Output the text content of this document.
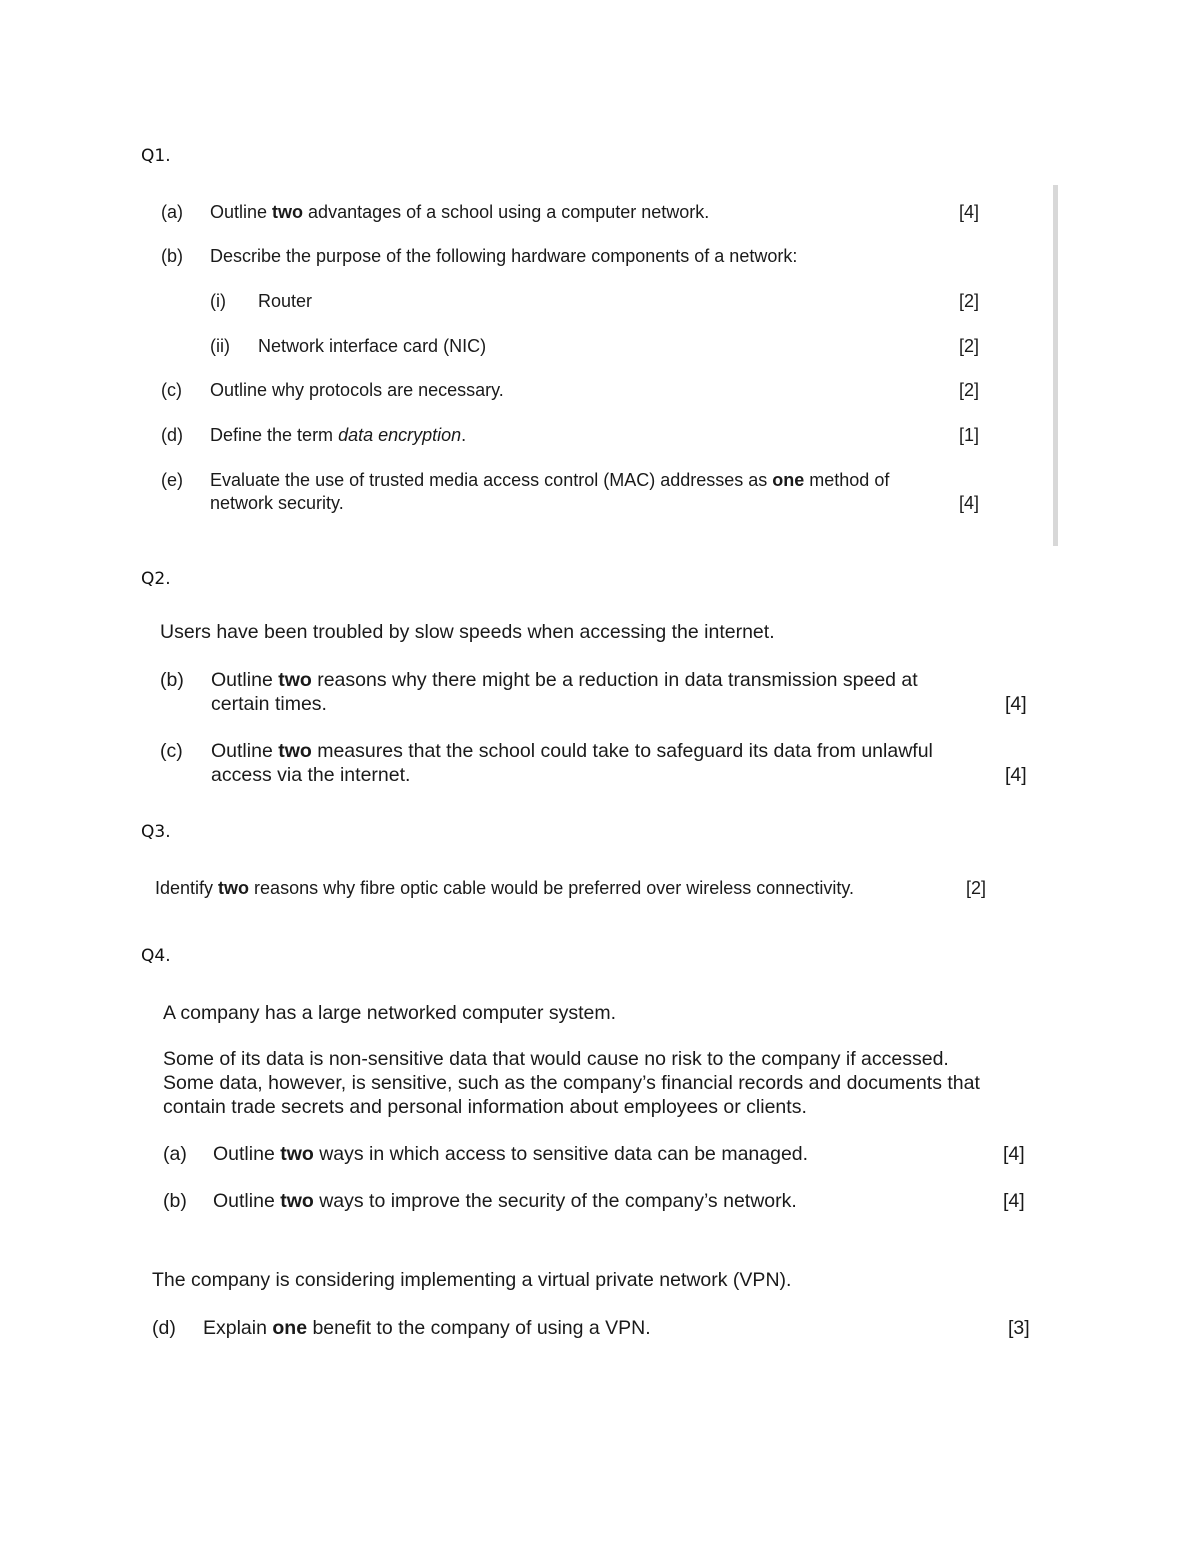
Q1.
(a) Outline two advantages of a school using a computer network.	[4]
(b) Describe the purpose of the following hardware components of a network:
(i) Router	[2]
(ii) Network interface card (NIC)	[2]
(c) Outline why protocols are necessary.	[2]
(d) Define the term data encryption.	[1]
(e) Evaluate the use of trusted media access control (MAC) addresses as one method of network security.	[4]
Q2.
Users have been troubled by slow speeds when accessing the internet.
(b) Outline two reasons why there might be a reduction in data transmission speed at certain times.	[4]
(c) Outline two measures that the school could take to safeguard its data from unlawful access via the internet.	[4]
Q3.
Identify two reasons why fibre optic cable would be preferred over wireless connectivity.	[2]
Q4.
A company has a large networked computer system.
Some of its data is non-sensitive data that would cause no risk to the company if accessed. Some data, however, is sensitive, such as the company’s financial records and documents that contain trade secrets and personal information about employees or clients.
(a) Outline two ways in which access to sensitive data can be managed.	[4]
(b) Outline two ways to improve the security of the company’s network.	[4]
The company is considering implementing a virtual private network (VPN).
(d) Explain one benefit to the company of using a VPN.	[3]
